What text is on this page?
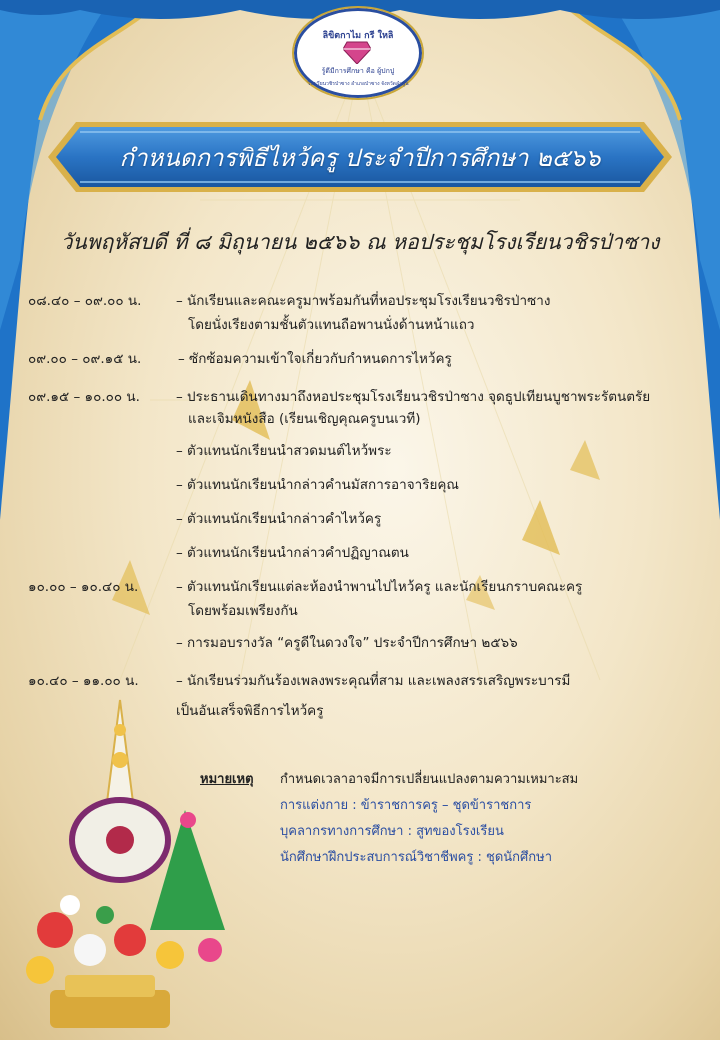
ลิขิตกาไม กรี ใหลิ
รู้ดีมีการศึกษา คือ ผู้ปกปู
โรงเรียนวชิรป่าซาง อำเภอป่าซาง จังหวัดลำพูน
กำหนดการพิธีไหว้ครู ประจำปีการศึกษา ๒๕๖๖
วันพฤหัสบดี ที่ ๘ มิถุนายน ๒๕๖๖ ณ หอประชุมโรงเรียนวชิรป่าซาง
๐๘.๔๐ – ๐๙.๐๐ น.	– นักเรียนและคณะครูมาพร้อมกันที่หอประชุมโรงเรียนวชิรป่าซาง
โดยนั่งเรียงตามชั้นตัวแทนถือพานนั่งด้านหน้าแถว
๐๙.๐๐ – ๐๙.๑๕ น.	– ซักซ้อมความเข้าใจเกี่ยวกับกำหนดการไหว้ครู
๐๙.๑๕ – ๑๐.๐๐ น.	– ประธานเดินทางมาถึงหอประชุมโรงเรียนวชิรป่าซาง จุดธูปเทียนบูชาพระรัตนตรัย
และเจิมหนังสือ (เรียนเชิญคุณครูบนเวที)
– ตัวแทนนักเรียนนำสวดมนต์ไหว้พระ
– ตัวแทนนักเรียนนำกล่าวคำนมัสการอาจาริยคุณ
– ตัวแทนนักเรียนนำกล่าวคำไหว้ครู
– ตัวแทนนักเรียนนำกล่าวคำปฏิญาณตน
๑๐.๐๐ – ๑๐.๔๐ น.	– ตัวแทนนักเรียนแต่ละห้องนำพานไปไหว้ครู และนักเรียนกราบคณะครู
โดยพร้อมเพรียงกัน
– การมอบรางวัล “ครูดีในดวงใจ” ประจำปีการศึกษา ๒๕๖๖
๑๐.๔๐ – ๑๑.๐๐ น.	– นักเรียนร่วมกันร้องเพลงพระคุณที่สาม และเพลงสรรเสริญพระบารมี
เป็นอันเสร็จพิธีการไหว้ครู
หมายเหตุ กำหนดเวลาอาจมีการเปลี่ยนแปลงตามความเหมาะสม
การแต่งกาย : ข้าราชการครู – ชุดข้าราชการ
บุคลากรทางการศึกษา : สูทของโรงเรียน
นักศึกษาฝึกประสบการณ์วิชาชีพครู : ชุดนักศึกษา
